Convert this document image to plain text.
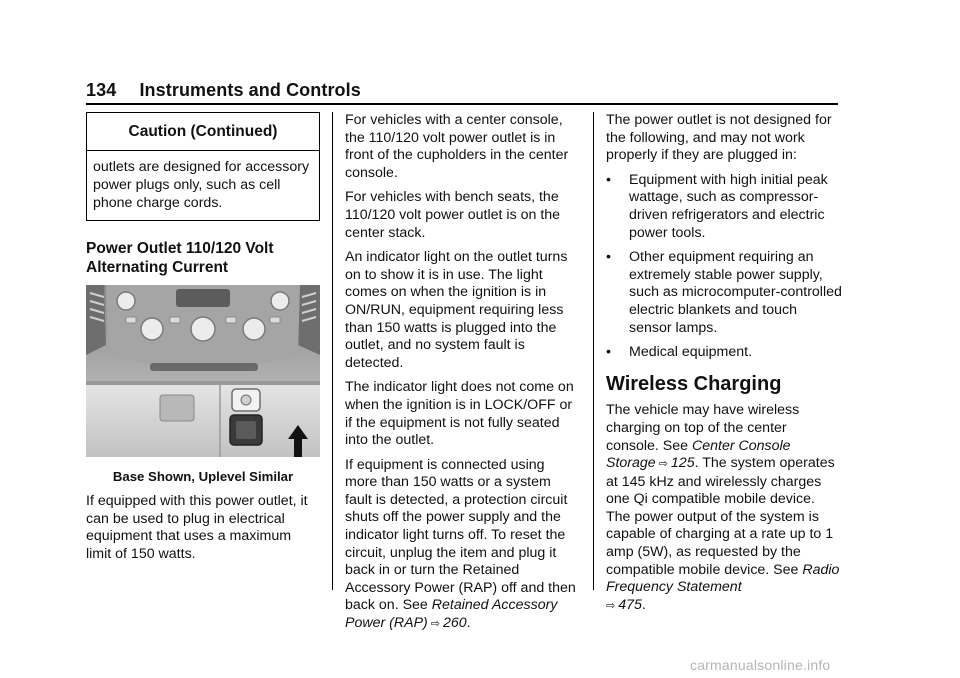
134 Instruments and Controls
Caution (Continued)
outlets are designed for accessory power plugs only, such as cell phone charge cords.
Power Outlet 110/120 Volt Alternating Current
Base Shown, Uplevel Similar

If equipped with this power outlet, it can be used to plug in electrical equipment that uses a maximum limit of 150 watts.

For vehicles with a center console, the 110/120 volt power outlet is in front of the cupholders in the center console.

For vehicles with bench seats, the 110/120 volt power outlet is on the center stack.

An indicator light on the outlet turns on to show it is in use. The light comes on when the ignition is in ON/RUN, equipment requiring less than 150 watts is plugged into the outlet, and no system fault is detected.

The indicator light does not come on when the ignition is in LOCK/OFF or if the equipment is not fully seated into the outlet.

If equipment is connected using more than 150 watts or a system fault is detected, a protection circuit shuts off the power supply and the indicator light turns off. To reset the circuit, unplug the item and plug it back in or turn the Retained Accessory Power (RAP) off and then back on. See Retained Accessory Power (RAP) ⇨ 260.

The power outlet is not designed for the following, and may not work properly if they are plugged in:

• Equipment with high initial peak wattage, such as compressor-driven refrigerators and electric power tools.
• Other equipment requiring an extremely stable power supply, such as microcomputer-controlled electric blankets and touch sensor lamps.
• Medical equipment.
Wireless Charging

The vehicle may have wireless charging on top of the center console. See Center Console Storage ⇨ 125. The system operates at 145 kHz and wirelessly charges one Qi compatible mobile device. The power output of the system is capable of charging at a rate up to 1 amp (5W), as requested by the compatible mobile device. See Radio Frequency Statement
⇨ 475.

carmanualsonline.info
